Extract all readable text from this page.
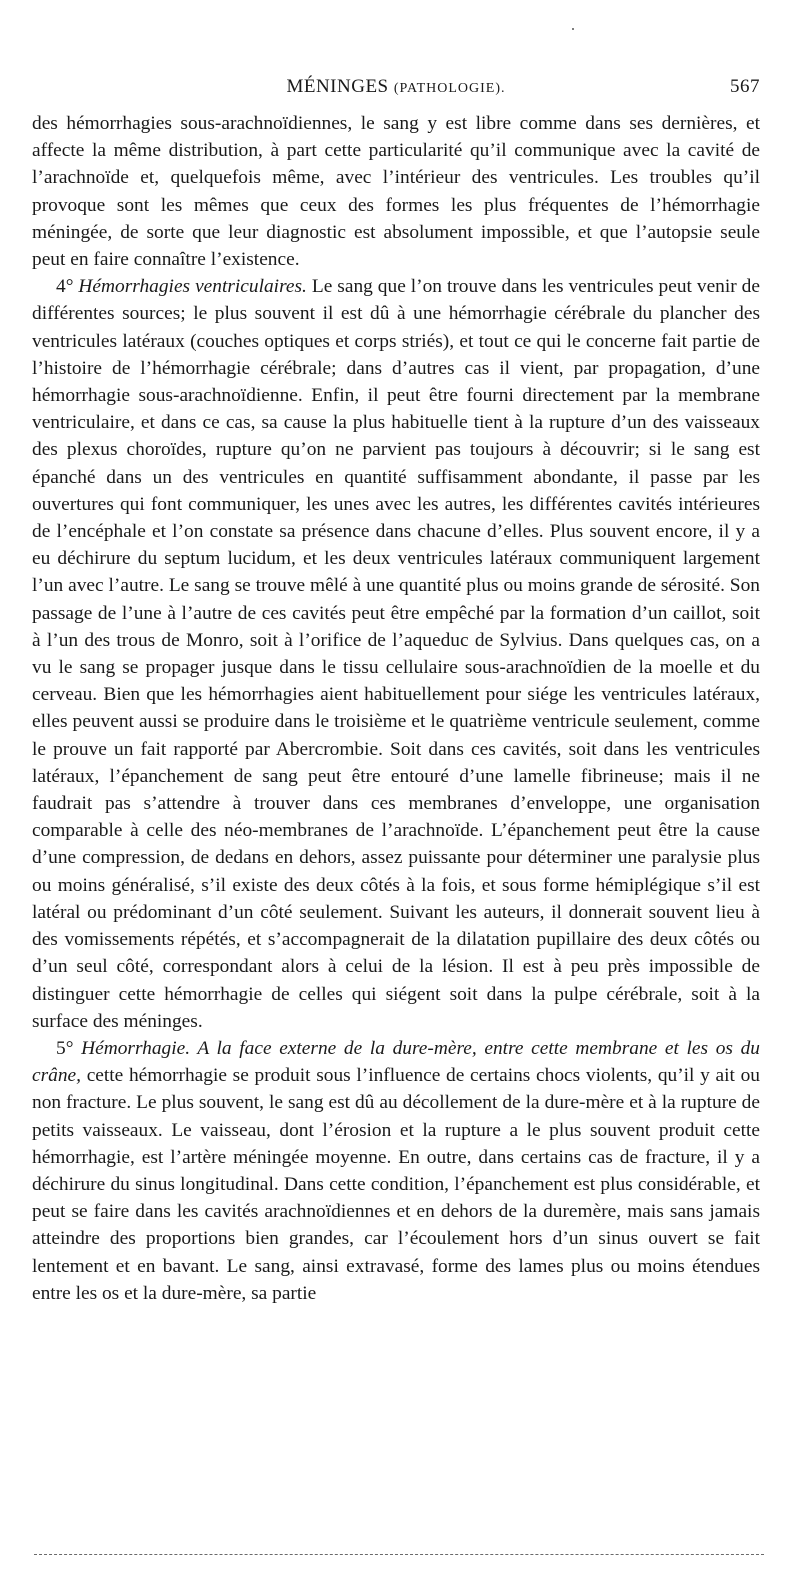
MÉNINGES (PATHOLOGIE).	567

des hémorrhagies sous-arachnoïdiennes, le sang y est libre comme dans ses dernières, et affecte la même distribution, à part cette particularité qu’il communique avec la cavité de l’arachnoïde et, quelquefois même, avec l’intérieur des ventricules. Les troubles qu’il provoque sont les mêmes que ceux des formes les plus fréquentes de l’hémorrhagie méningée, de sorte que leur diagnostic est absolument impossible, et que l’autopsie seule peut en faire connaître l’existence.

4° Hémorrhagies ventriculaires. Le sang que l’on trouve dans les ventricules peut venir de différentes sources; le plus souvent il est dû à une hémorrhagie cérébrale du plancher des ventricules latéraux (couches optiques et corps striés), et tout ce qui le concerne fait partie de l’histoire de l’hémorrhagie cérébrale; dans d’autres cas il vient, par propagation, d’une hémorrhagie sous-arachnoïdienne. Enfin, il peut être fourni directement par la membrane ventriculaire, et dans ce cas, sa cause la plus habituelle tient à la rupture d’un des vaisseaux des plexus choroïdes, rupture qu’on ne parvient pas toujours à découvrir; si le sang est épanché dans un des ventricules en quantité suffisamment abondante, il passe par les ouvertures qui font communiquer, les unes avec les autres, les différentes cavités intérieures de l’encéphale et l’on constate sa présence dans chacune d’elles. Plus souvent encore, il y a eu déchirure du septum lucidum, et les deux ventricules latéraux communiquent largement l’un avec l’autre. Le sang se trouve mêlé à une quantité plus ou moins grande de sérosité. Son passage de l’une à l’autre de ces cavités peut être empêché par la formation d’un caillot, soit à l’un des trous de Monro, soit à l’orifice de l’aqueduc de Sylvius. Dans quelques cas, on a vu le sang se propager jusque dans le tissu cellulaire sous-arachnoïdien de la moelle et du cerveau. Bien que les hémorrhagies aient habituellement pour siége les ventricules latéraux, elles peuvent aussi se produire dans le troisième et le quatrième ventricule seulement, comme le prouve un fait rapporté par Abercrombie. Soit dans ces cavités, soit dans les ventricules latéraux, l’épanchement de sang peut être entouré d’une lamelle fibrineuse; mais il ne faudrait pas s’attendre à trouver dans ces membranes d’enveloppe, une organisation comparable à celle des néo-membranes de l’arachnoïde. L’épanchement peut être la cause d’une compression, de dedans en dehors, assez puissante pour déterminer une paralysie plus ou moins généralisé, s’il existe des deux côtés à la fois, et sous forme hémiplégique s’il est latéral ou prédominant d’un côté seulement. Suivant les auteurs, il donnerait souvent lieu à des vomissements répétés, et s’accompagnerait de la dilatation pupillaire des deux côtés ou d’un seul côté, correspondant alors à celui de la lésion. Il est à peu près impossible de distinguer cette hémorrhagie de celles qui siégent soit dans la pulpe cérébrale, soit à la surface des méninges.

5° Hémorrhagie. A la face externe de la dure-mère, entre cette membrane et les os du crâne, cette hémorrhagie se produit sous l’influence de certains chocs violents, qu’il y ait ou non fracture. Le plus souvent, le sang est dû au décollement de la dure-mère et à la rupture de petits vaisseaux. Le vaisseau, dont l’érosion et la rupture a le plus souvent produit cette hémorrhagie, est l’artère méningée moyenne. En outre, dans certains cas de fracture, il y a déchirure du sinus longitudinal. Dans cette condition, l’épanchement est plus considérable, et peut se faire dans les cavités arachnoïdiennes et en dehors de la duremère, mais sans jamais atteindre des proportions bien grandes, car l’écoulement hors d’un sinus ouvert se fait lentement et en bavant. Le sang, ainsi extravasé, forme des lames plus ou moins étendues entre les os et la dure-mère, sa partie
